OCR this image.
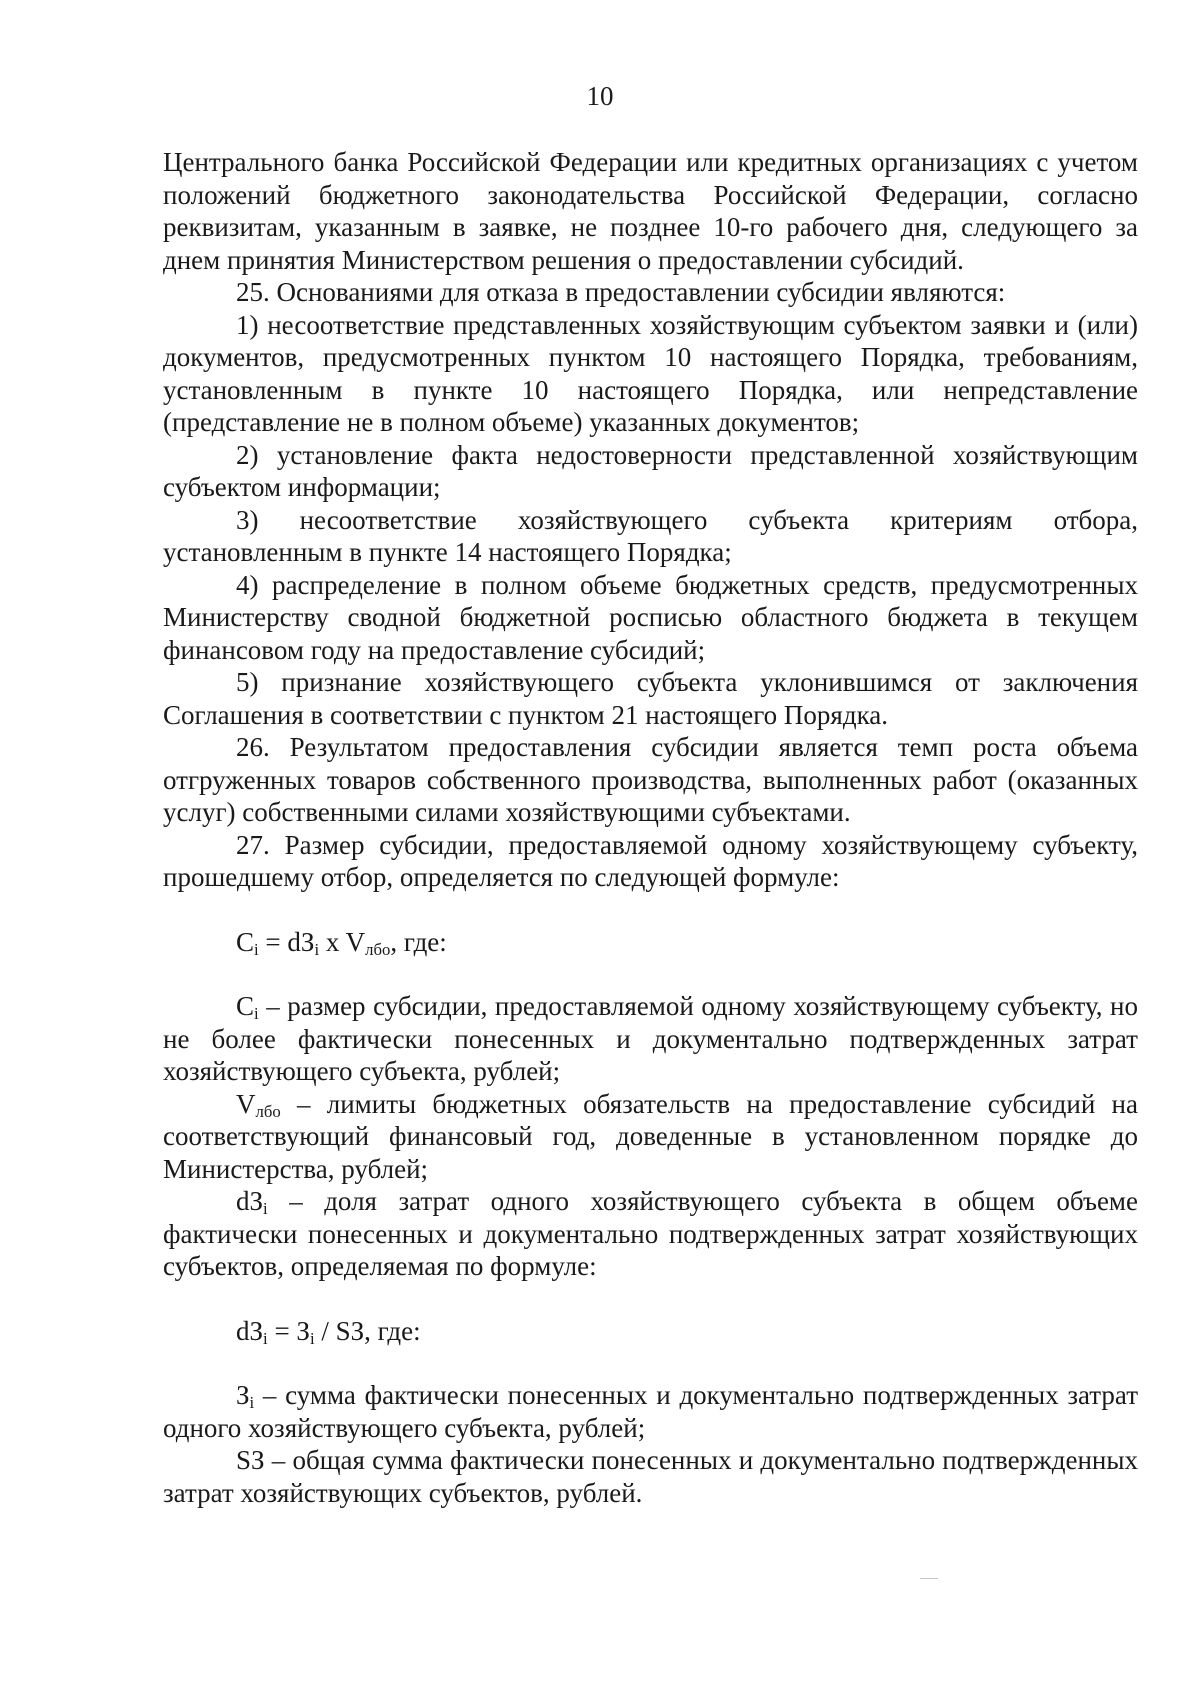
10

Центрального банка Российской Федерации или кредитных организациях с учетом положений бюджетного законодательства Российской Федерации, согласно реквизитам, указанным в заявке, не позднее 10-го рабочего дня, следующего за днем принятия Министерством решения о предоставлении субсидий.

25. Основаниями для отказа в предоставлении субсидии являются:

1) несоответствие представленных хозяйствующим субъектом заявки и (или) документов, предусмотренных пунктом 10 настоящего Порядка, требованиям, установленным в пункте 10 настоящего Порядка, или непредставление (представление не в полном объеме) указанных документов;

2) установление факта недостоверности представленной хозяйствующим субъектом информации;

3) несоответствие хозяйствующего субъекта критериям отбора, установленным в пункте 14 настоящего Порядка;

4) распределение в полном объеме бюджетных средств, предусмотренных Министерству сводной бюджетной росписью областного бюджета в текущем финансовом году на предоставление субсидий;

5) признание хозяйствующего субъекта уклонившимся от заключения Соглашения в соответствии с пунктом 21 настоящего Порядка.

26. Результатом предоставления субсидии является темп роста объема отгруженных товаров собственного производства, выполненных работ (оказанных услуг) собственными силами хозяйствующими субъектами.

27. Размер субсидии, предоставляемой одному хозяйствующему субъекту, прошедшему отбор, определяется по следующей формуле:

$C_i = dЗ_i$ x $V_{лбо}$, где:

$C_i$ – размер субсидии, предоставляемой одному хозяйствующему субъекту, но не более фактически понесенных и документально подтвержденных затрат хозяйствующего субъекта, рублей;

$V_{лбо}$ – лимиты бюджетных обязательств на предоставление субсидий на соответствующий финансовый год, доведенные в установленном порядке до Министерства, рублей;

$dЗ_i$ – доля затрат одного хозяйствующего субъекта в общем объеме фактически понесенных и документально подтвержденных затрат хозяйствующих субъектов, определяемая по формуле:

$dЗ_i = З_i$ / SЗ, где:

$З_i$ – сумма фактически понесенных и документально подтвержденных затрат одного хозяйствующего субъекта, рублей;

SЗ – общая сумма фактически понесенных и документально подтвержденных затрат хозяйствующих субъектов, рублей.
